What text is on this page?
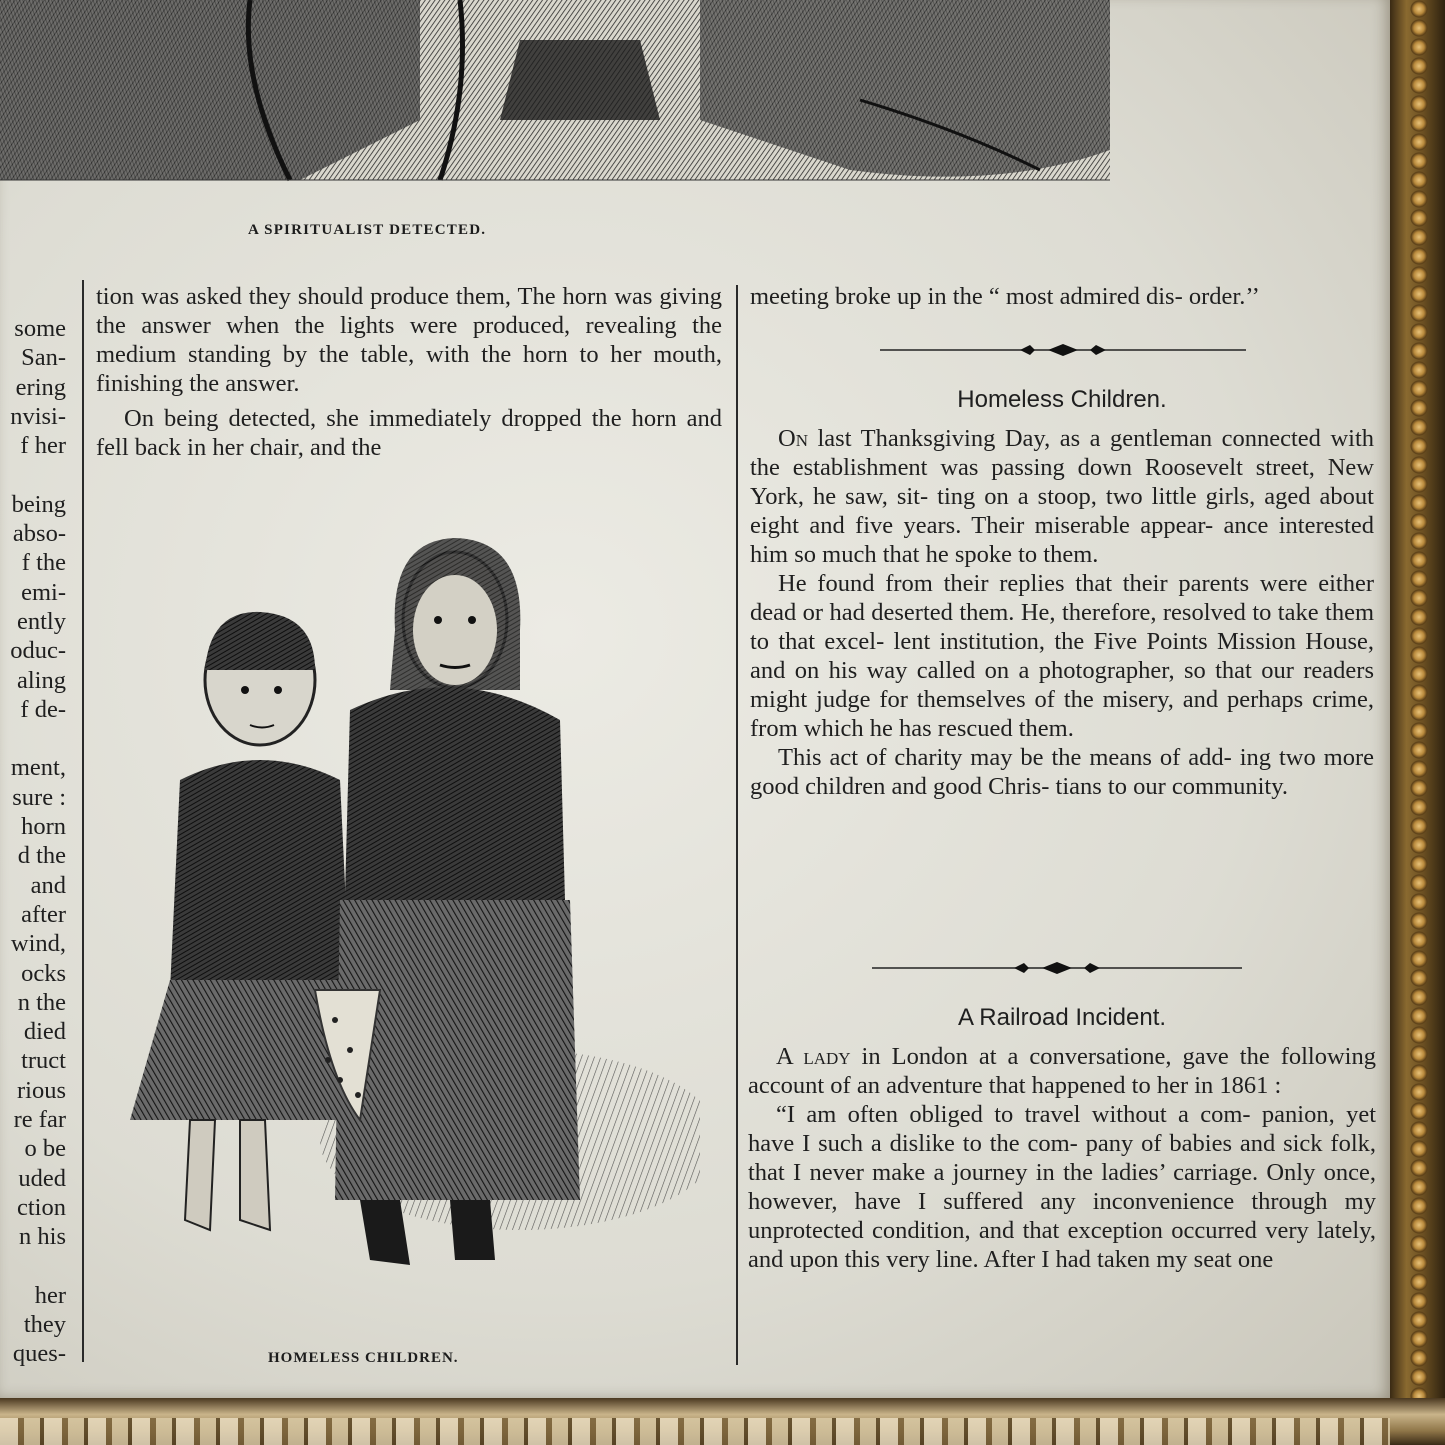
A SPIRITUALIST DETECTED.
some
San-
ering
nvisi-
f her
being
abso-
f the
emi-
ently
oduc-
aling
f de-
ment,
sure :
horn
d the
and
after
wind,
ocks
n the
died
truct
rious
re far
o be
uded
ction
n his
her
they
ques-

tion was asked they should produce them, The horn was giving the answer when the lights were produced, revealing the medium standing by the table, with the horn to her mouth, finishing the answer.

On being detected, she immediately dropped the horn and fell back in her chair, and the

HOMELESS CHILDREN.

meeting broke up in the “ most admired dis- order.’’

Homeless Children.

On last Thanksgiving Day, as a gentleman connected with the establishment was passing down Roosevelt street, New York, he saw, sit- ting on a stoop, two little girls, aged about eight and five years. Their miserable appear- ance interested him so much that he spoke to them.

He found from their replies that their parents were either dead or had deserted them. He, therefore, resolved to take them to that excel- lent institution, the Five Points Mission House, and on his way called on a photographer, so that our readers might judge for themselves of the misery, and perhaps crime, from which he has rescued them.

This act of charity may be the means of add- ing two more good children and good Chris- tians to our community.

A Railroad Incident.

A lady in London at a conversatione, gave the following account of an adventure that happened to her in 1861 :

“I am often obliged to travel without a com- panion, yet have I such a dislike to the com- pany of babies and sick folk, that I never make a journey in the ladies’ carriage. Only once, however, have I suffered any inconvenience through my unprotected condition, and that exception occurred very lately, and upon this very line. After I had taken my seat one
